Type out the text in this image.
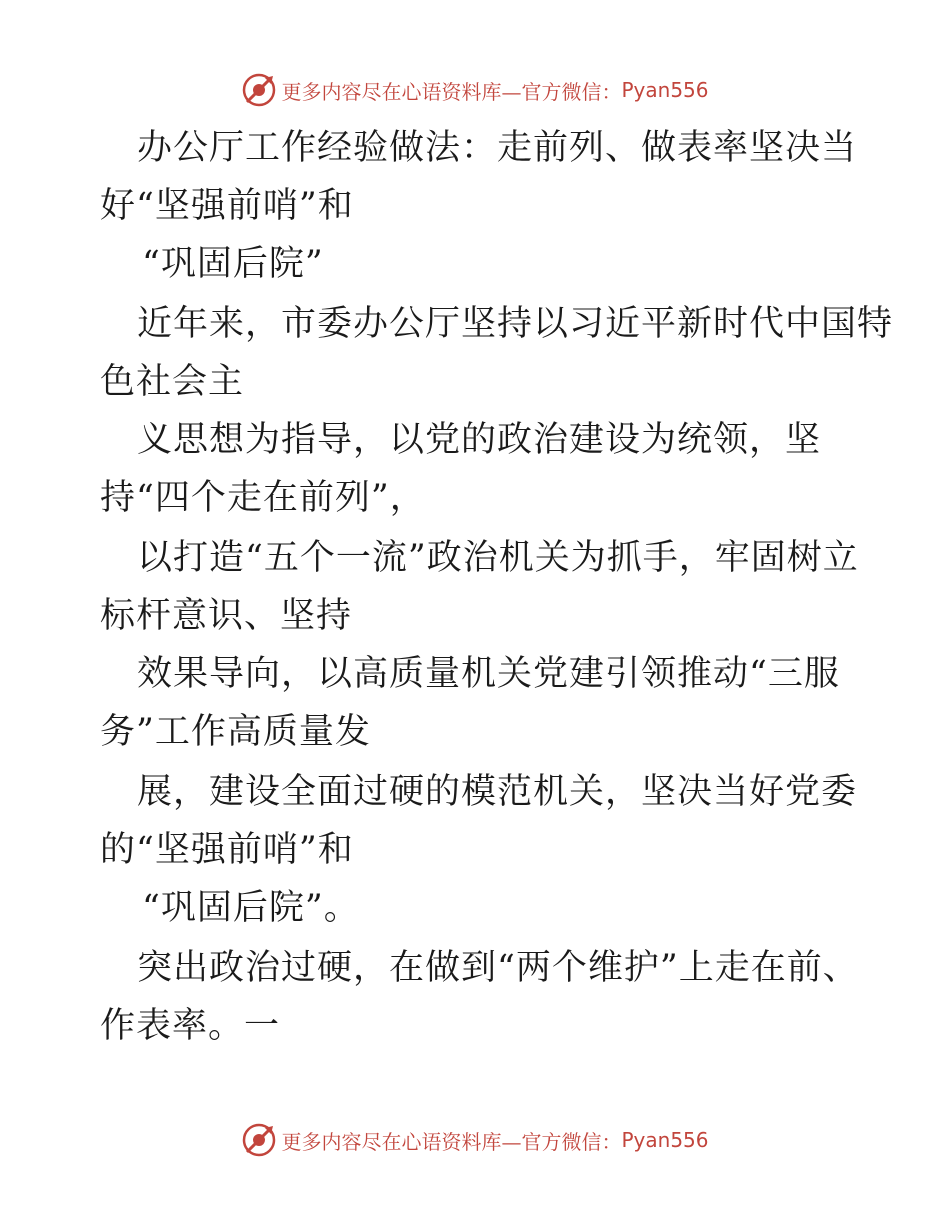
更多内容尽在心语资料库—官方微信： Pyan556
办公厅工作经验做法：走前列、做表率坚决当
好“坚强前哨”和
“巩固后院”
近年来，市委办公厅坚持以习近平新时代中国特
色社会主
义思想为指导，以党的政治建设为统领，坚
持“四个走在前列”，
以打造“五个一流”政治机关为抓手，牢固树立
标杆意识、坚持
效果导向，以高质量机关党建引领推动“三服
务”工作高质量发
展，建设全面过硬的模范机关，坚决当好党委
的“坚强前哨”和
“巩固后院”。
突出政治过硬，在做到“两个维护”上走在前、
作表率。一
更多内容尽在心语资料库—官方微信： Pyan556
